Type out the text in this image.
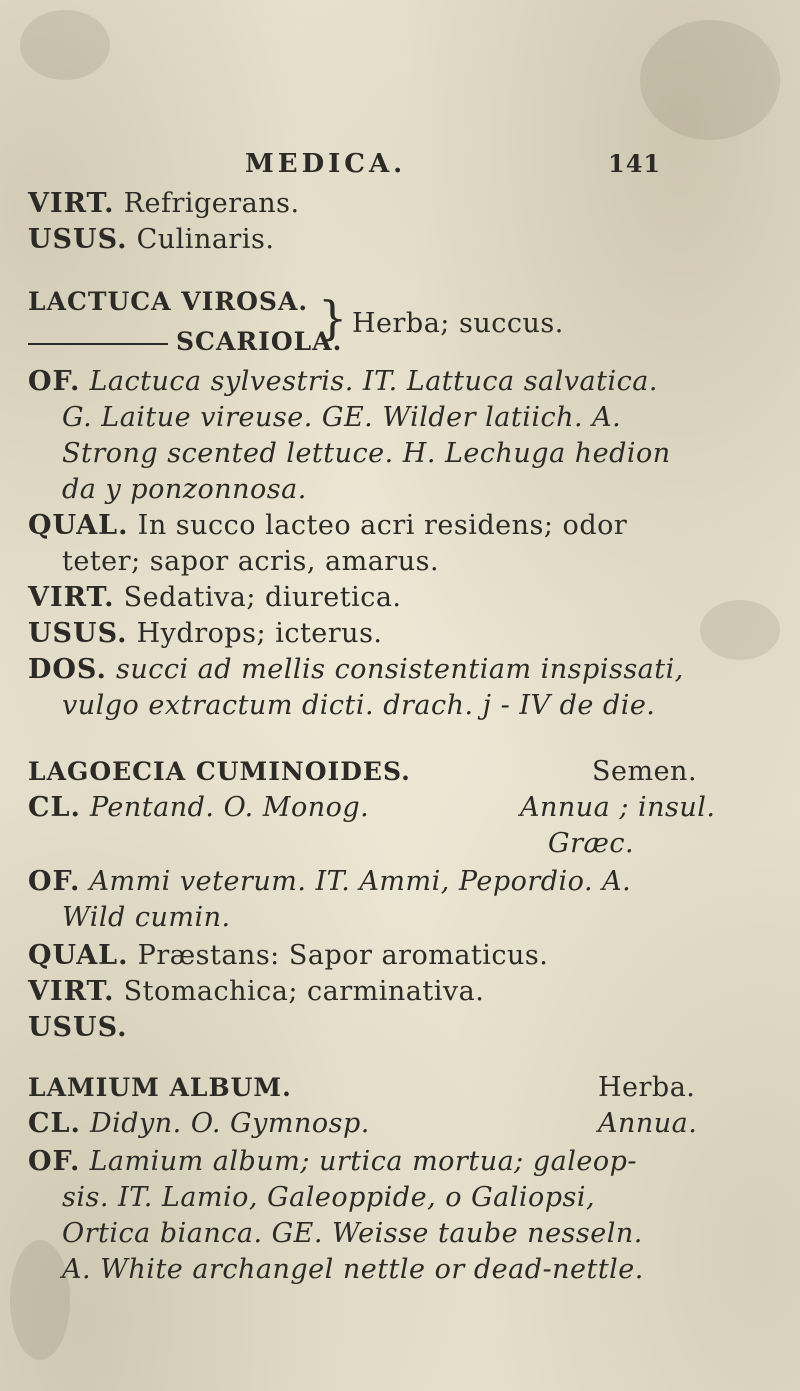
MEDICA.	141
VIRT. Refrigerans.
USUS. Culinaris.
LACTUCA VIROSA.
SCARIOLA.
} Herba; succus.
OF. Lactuca sylvestris. IT. Lattuca salvatica.
G. Laitue vireuse. GE. Wilder latiich. A.
Strong scented lettuce. H. Lechuga hedion
da y ponzonnosa.
QUAL. In succo lacteo acri residens; odor
teter; sapor acris, amarus.
VIRT. Sedativa; diuretica.
USUS. Hydrops; icterus.
DOS. succi ad mellis consistentiam inspissati,
vulgo extractum dicti. drach. j - IV de die.
LAGOECIA CUMINOIDES.	Semen.
CL. Pentand. O. Monog.	Annua ; insul.
Græc.
OF. Ammi veterum. IT. Ammi, Pepordio. A.
Wild cumin.
QUAL. Præstans: Sapor aromaticus.
VIRT. Stomachica; carminativa.
USUS.
LAMIUM ALBUM.	Herba.
CL. Didyn. O. Gymnosp.	Annua.
OF. Lamium album; urtica mortua; galeop-
sis. IT. Lamio, Galeoppide, o Galiopsi,
Ortica bianca. GE. Weisse taube nesseln.
A. White archangel nettle or dead-nettle.
